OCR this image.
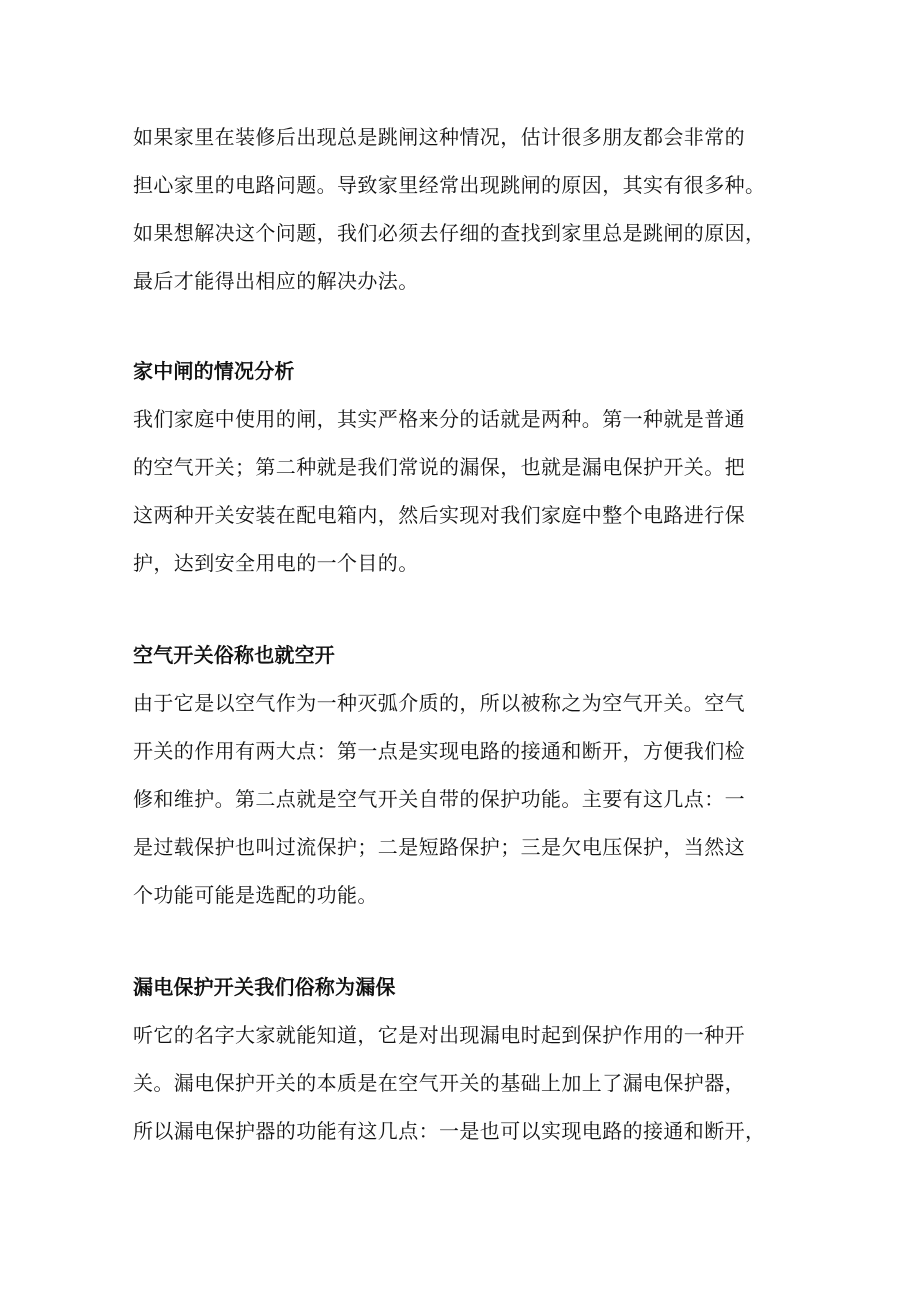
如果家里在装修后出现总是跳闸这种情况，估计很多朋友都会非常的
担心家里的电路问题。导致家里经常出现跳闸的原因，其实有很多种。
如果想解决这个问题，我们必须去仔细的查找到家里总是跳闸的原因，
最后才能得出相应的解决办法。
家中闸的情况分析
我们家庭中使用的闸，其实严格来分的话就是两种。第一种就是普通
的空气开关；第二种就是我们常说的漏保，也就是漏电保护开关。把
这两种开关安装在配电箱内，然后实现对我们家庭中整个电路进行保
护，达到安全用电的一个目的。
空气开关俗称也就空开
由于它是以空气作为一种灭弧介质的，所以被称之为空气开关。空气
开关的作用有两大点：第一点是实现电路的接通和断开，方便我们检
修和维护。第二点就是空气开关自带的保护功能。主要有这几点：一
是过载保护也叫过流保护；二是短路保护；三是欠电压保护，当然这
个功能可能是选配的功能。
漏电保护开关我们俗称为漏保
听它的名字大家就能知道，它是对出现漏电时起到保护作用的一种开
关。漏电保护开关的本质是在空气开关的基础上加上了漏电保护器，
所以漏电保护器的功能有这几点：一是也可以实现电路的接通和断开，
